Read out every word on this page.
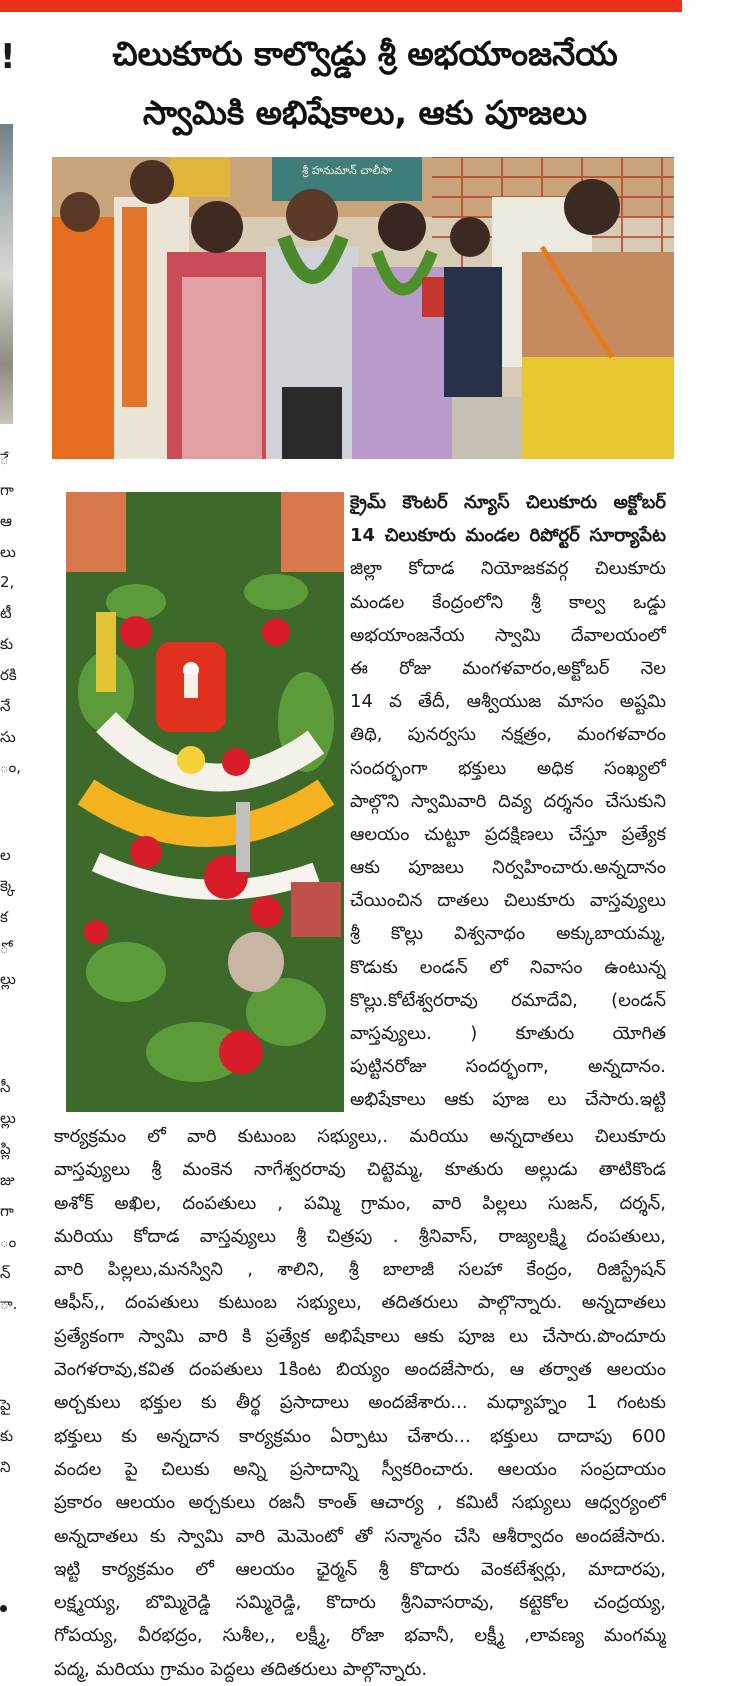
!
ే
గా
ఆ
లు
2,
టీ
కు
రకి
నే
సు
ం,
ల
క్కె
క
ో
ల్లు
సీ
ల్లు
ప్లి
జు
గా
ం
న్
ా.
పై
కు
ని
చిలుకూరు కాల్వొడ్డు శ్రీ అభయాంజనేయ
స్వామికి అభిషేకాలు, ఆకు పూజలు
శ్రీ హనుమాన్ చాలీసా
క్రైమ్ కౌంటర్ న్యూస్ చిలుకూరు అక్టోబర్
14 చిలుకూరు మండల రిపోర్టర్ సూర్యాపేట
జిల్లా కోదాడ నియోజకవర్గ చిలుకూరు
మండల కేంద్రంలోని శ్రీ కాల్వ ఒడ్డు
అభయాంజనేయ స్వామి దేవాలయంలో
ఈ రోజు మంగళవారం,అక్టోబర్ నెల
14 వ తేదీ, ఆశ్వీయుజ మాసం అష్టమి
తిథి, పునర్వసు నక్షత్రం, మంగళవారం
సందర్భంగా భక్తులు అధిక సంఖ్యలో
పాల్గొని స్వామివారి దివ్య దర్శనం చేసుకుని
ఆలయం చుట్టూ ప్రదక్షిణలు చేస్తూ ప్రత్యేక
ఆకు పూజలు నిర్వహించారు.అన్నదానం
చేయించిన దాతలు చిలుకూరు వాస్తవ్యులు
శ్రీ కొల్లు విశ్వనాథం అక్కుబాయమ్మ,
కొడుకు లండన్ లో నివాసం ఉంటున్న
కొల్లు.కోటేశ్వరరావు రమాదేవి, (లండన్
వాస్తవ్యులు. ) కూతురు యోగిత
పుట్టినరోజు సందర్భంగా, అన్నదానం.
అభిషేకాలు ఆకు పూజ లు చేసారు.ఇట్టి
కార్యక్రమం లో వారి కుటుంబ సభ్యులు,. మరియు అన్నదాతలు చిలుకూరు
వాస్తవ్యులు శ్రీ మంకెన నాగేశ్వరరావు చిట్టెమ్మ, కూతురు అల్లుడు తాటికొండ
అశోక్ అఖిల, దంపతులు , పమ్మి గ్రామం, వారి పిల్లలు సుజన్, దర్శన్,
మరియు కోదాడ వాస్తవ్యులు శ్రీ చిత్రపు . శ్రీనివాస్, రాజ్యలక్ష్మి దంపతులు,
వారి పిల్లలు,మనస్విని , శాలిని, శ్రీ బాలాజీ సలహా కేంద్రం, రిజిస్ట్రేషన్
ఆఫీస్,, దంపతులు కుటుంబ సభ్యులు, తదితరులు పాల్గొన్నారు. అన్నదాతలు
ప్రత్యేకంగా స్వామి వారి కి ప్రత్యేక అభిషేకాలు ఆకు పూజ లు చేసారు.పొందూరు
వెంగళరావు,కవిత దంపతులు 1కింట బియ్యం అందజేసారు, ఆ తర్వాత ఆలయం
అర్చకులు భక్తుల కు తీర్థ ప్రసాదాలు అందజేశారు... మధ్యాహ్నం 1 గంటకు
భక్తులు కు అన్నదాన కార్యక్రమం ఏర్పాటు చేశారు... భక్తులు దాదాపు 600
వందల పై చిలుకు అన్ని ప్రసాదాన్ని స్వీకరించారు. ఆలయం సంప్రదాయం
ప్రకారం ఆలయం అర్చకులు రజనీ కాంత్ ఆచార్య , కమిటీ సభ్యులు ఆధ్వర్యంలో
అన్నదాతలు కు స్వామి వారి మెమెంటో తో సన్మానం చేసి ఆశీర్వాదం అందజేసారు.
ఇట్టి కార్యక్రమం లో ఆలయం ఛైర్మన్ శ్రీ కొదారు వెంకటేశ్వర్లు, మాదారపు,
లక్ష్మయ్య, బొమ్మిరెడ్డి సమ్మిరెడ్డి, కొదారు శ్రీనివాసరావు, కట్టెకోల చంద్రయ్య,
గోపయ్య, వీరభద్రం, సుశీల,, లక్ష్మీ, రోజా భవానీ, లక్ష్మీ ,లావణ్య మంగమ్మ
పద్మ, మరియు గ్రామం పెద్దలు తదితరులు పాల్గొన్నారు.
